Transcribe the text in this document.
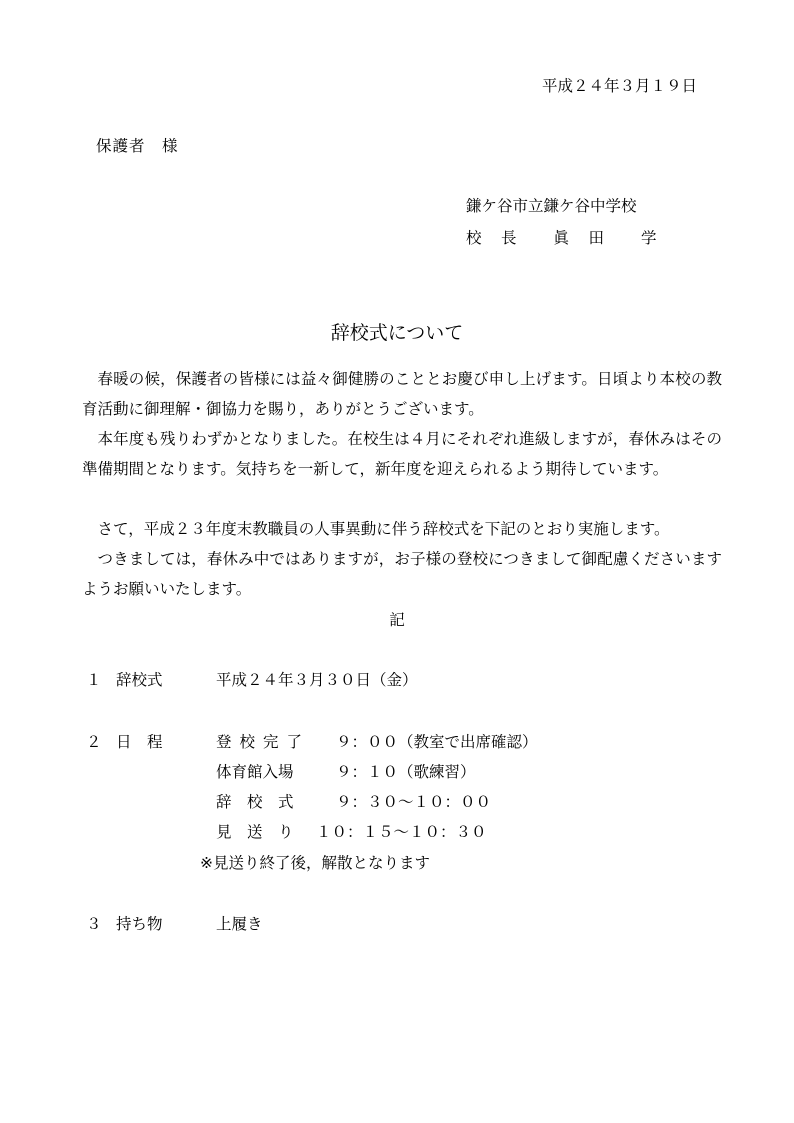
平成２４年３月１９日
保護者　様
鎌ケ谷市立鎌ケ谷中学校
校　長　　眞　田　　学
辞校式について
春暖の候，保護者の皆様には益々御健勝のこととお慶び申し上げます。日頃より本校の教育活動に御理解・御協力を賜り，ありがとうございます。
本年度も残りわずかとなりました。在校生は４月にそれぞれ進級しますが，春休みはその準備期間となります。気持ちを一新して，新年度を迎えられるよう期待しています。
さて，平成２３年度末教職員の人事異動に伴う辞校式を下記のとおり実施します。
つきましては，春休み中ではありますが，お子様の登校につきまして御配慮くださいますようお願いいたします。
記
１ 辞校式	平成２４年３月３０日（金）
２ 日　程	登校完了 ９：００（教室で出席確認）
体育館入場	９：１０（歌練習）
辞　校　式	９：３０～１０：００
見　送　り １０：１５～１０：３０
※見送り終了後，解散となります
３ 持ち物	上履き
